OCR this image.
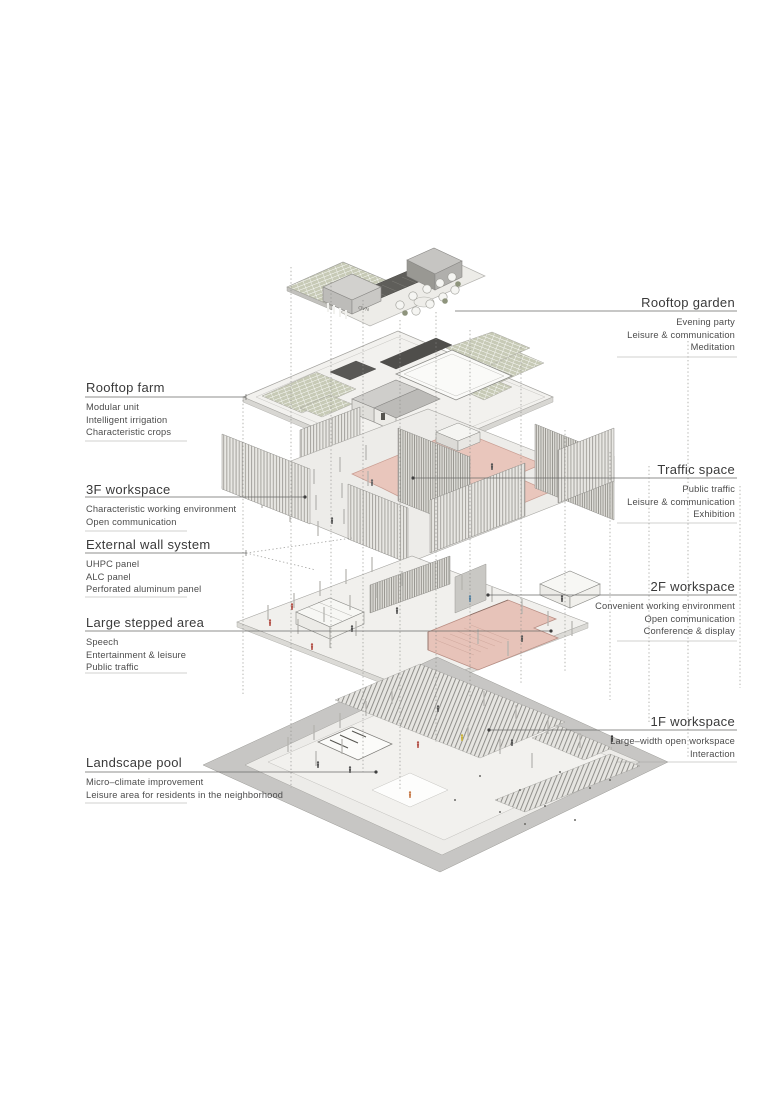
OVN
Rooftop farm
Modular unit
Intelligent irrigation
Characteristic crops
3F workspace
Characteristic working environment
Open communication
External wall system
UHPC panel
ALC panel
Perforated aluminum panel
Large stepped area
Speech
Entertainment & leisure
Public traffic
Landscape pool
Micro–climate improvement
Leisure area for residents in the neighborhood
Rooftop garden
Evening party
Leisure & communication
Meditation
Traffic space
Public traffic
Leisure & communication
Exhibition
2F workspace
Convenient working environment
Open communication
Conference & display
1F workspace
Large–width open workspace
Interaction
